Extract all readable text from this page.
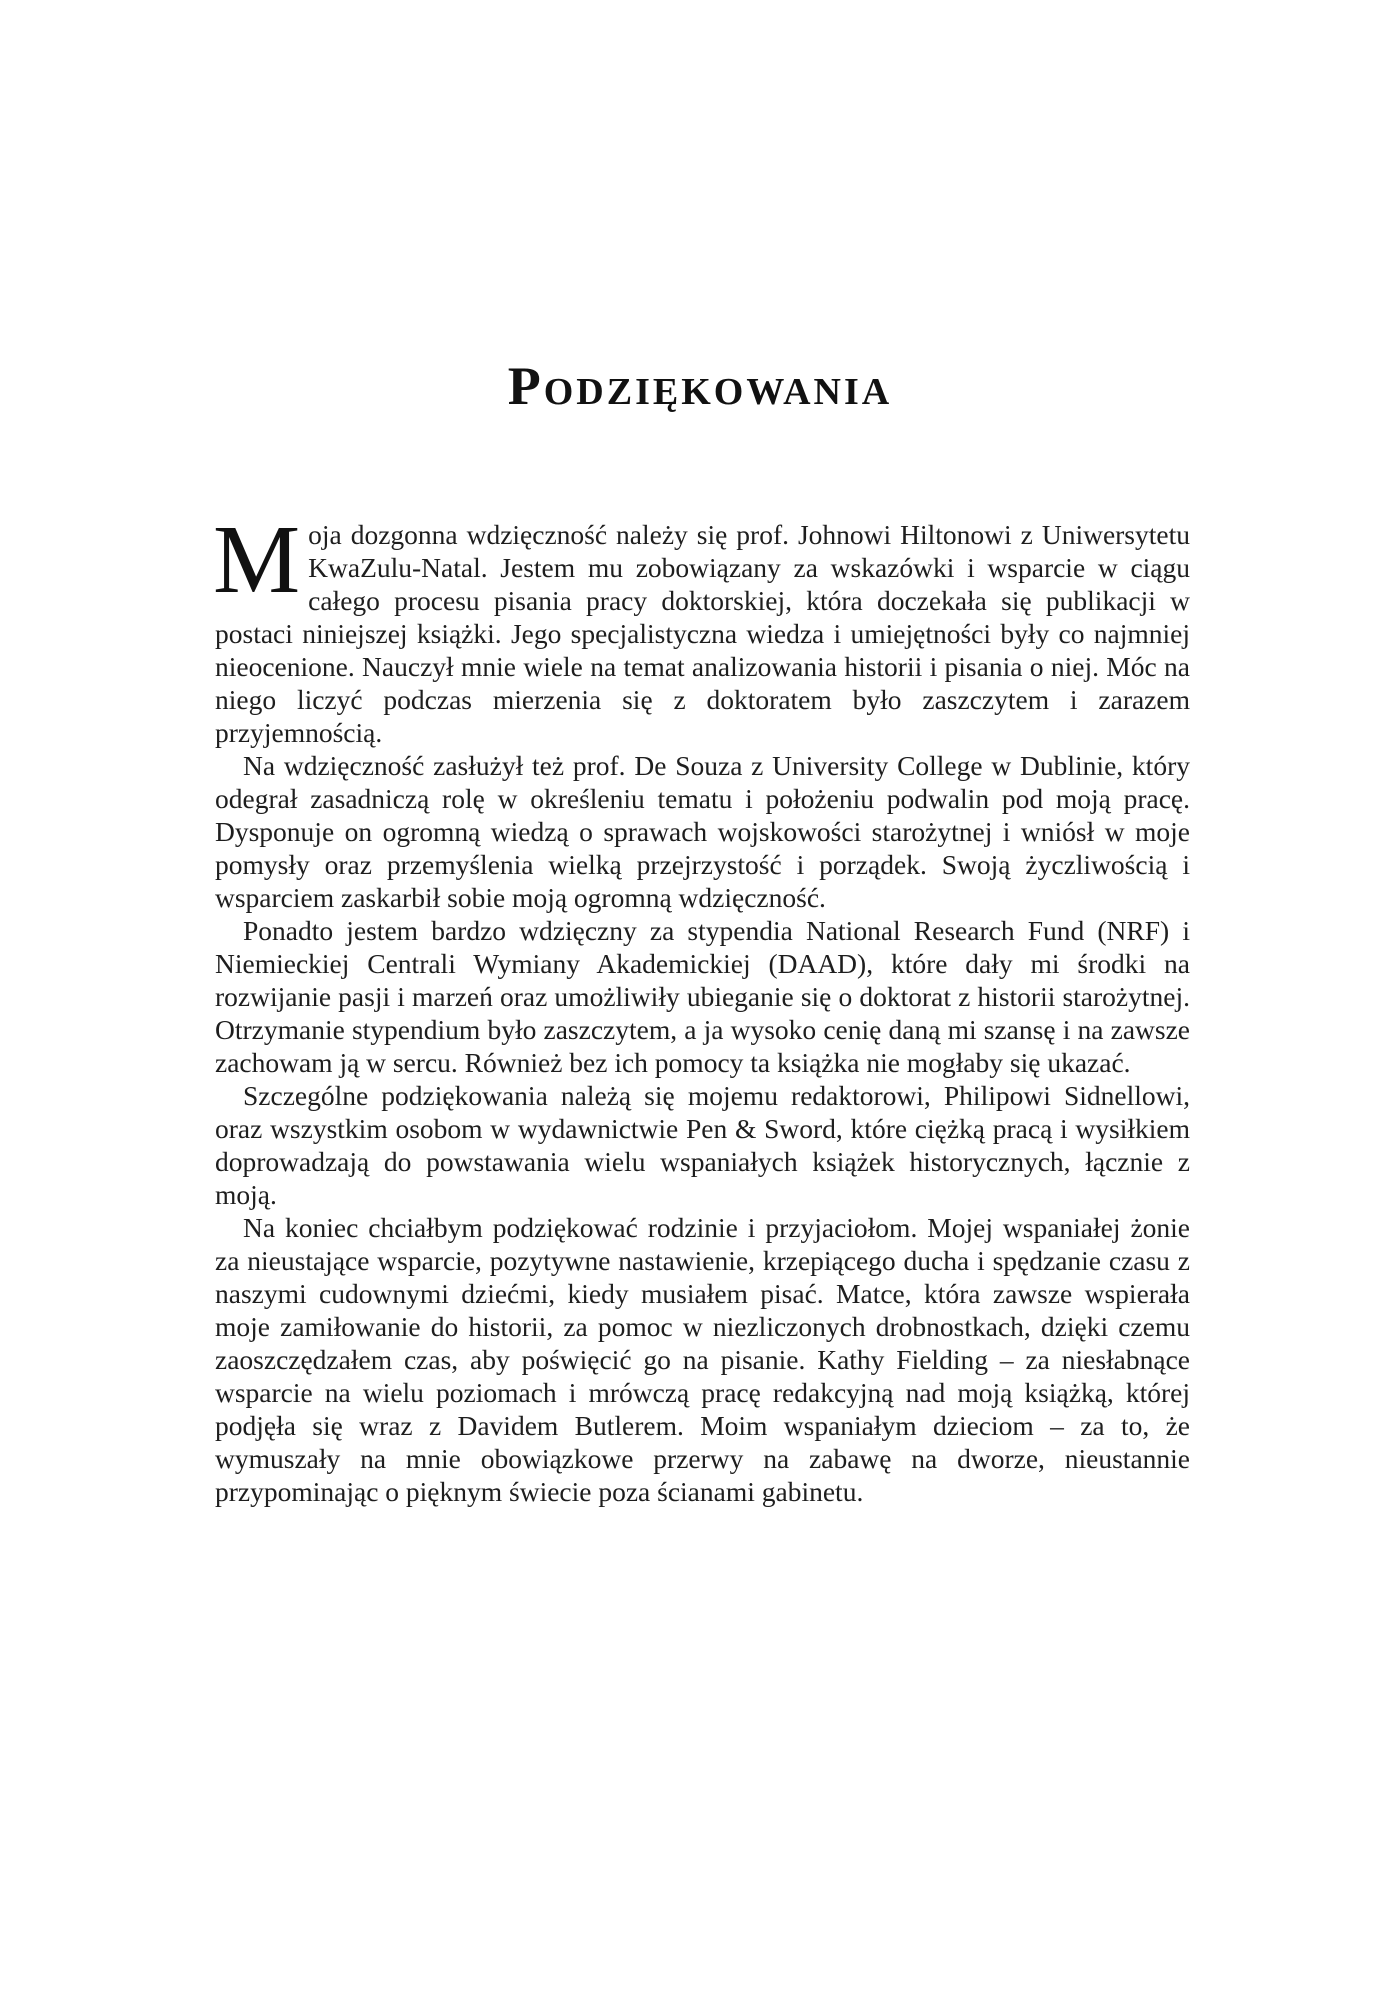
Podziękowania

Moja dozgonna wdzięczność należy się prof. Johnowi Hiltonowi z Uniwersytetu KwaZulu-Natal. Jestem mu zobowiązany za wskazówki i wsparcie w ciągu całego procesu pisania pracy doktorskiej, która doczekała się publikacji w postaci niniejszej książki. Jego specjalistyczna wiedza i umiejętności były co najmniej nieocenione. Nauczył mnie wiele na temat analizowania historii i pisania o niej. Móc na niego liczyć podczas mierzenia się z doktoratem było zaszczytem i zarazem przyjemnością.

Na wdzięczność zasłużył też prof. De Souza z University College w Dublinie, który odegrał zasadniczą rolę w określeniu tematu i położeniu podwalin pod moją pracę. Dysponuje on ogromną wiedzą o sprawach wojskowości starożytnej i wniósł w moje pomysły oraz przemyślenia wielką przejrzystość i porządek. Swoją życzliwością i wsparciem zaskarbił sobie moją ogromną wdzięczność.

Ponadto jestem bardzo wdzięczny za stypendia National Research Fund (NRF) i Niemieckiej Centrali Wymiany Akademickiej (DAAD), które dały mi środki na rozwijanie pasji i marzeń oraz umożliwiły ubieganie się o doktorat z historii starożytnej. Otrzymanie stypendium było zaszczytem, a ja wysoko cenię daną mi szansę i na zawsze zachowam ją w sercu. Również bez ich pomocy ta książka nie mogłaby się ukazać.

Szczególne podziękowania należą się mojemu redaktorowi, Philipowi Sidnellowi, oraz wszystkim osobom w wydawnictwie Pen & Sword, które ciężką pracą i wysiłkiem doprowadzają do powstawania wielu wspaniałych książek historycznych, łącznie z moją.

Na koniec chciałbym podziękować rodzinie i przyjaciołom. Mojej wspaniałej żonie za nieustające wsparcie, pozytywne nastawienie, krzepiącego ducha i spędzanie czasu z naszymi cudownymi dziećmi, kiedy musiałem pisać. Matce, która zawsze wspierała moje zamiłowanie do historii, za pomoc w niezliczonych drobnostkach, dzięki czemu zaoszczędzałem czas, aby poświęcić go na pisanie. Kathy Fielding – za niesłabnące wsparcie na wielu poziomach i mrówczą pracę redakcyjną nad moją książką, której podjęła się wraz z Davidem Butlerem. Moim wspaniałym dzieciom – za to, że wymuszały na mnie obowiązkowe przerwy na zabawę na dworze, nieustannie przypominając o pięknym świecie poza ścianami gabinetu.
